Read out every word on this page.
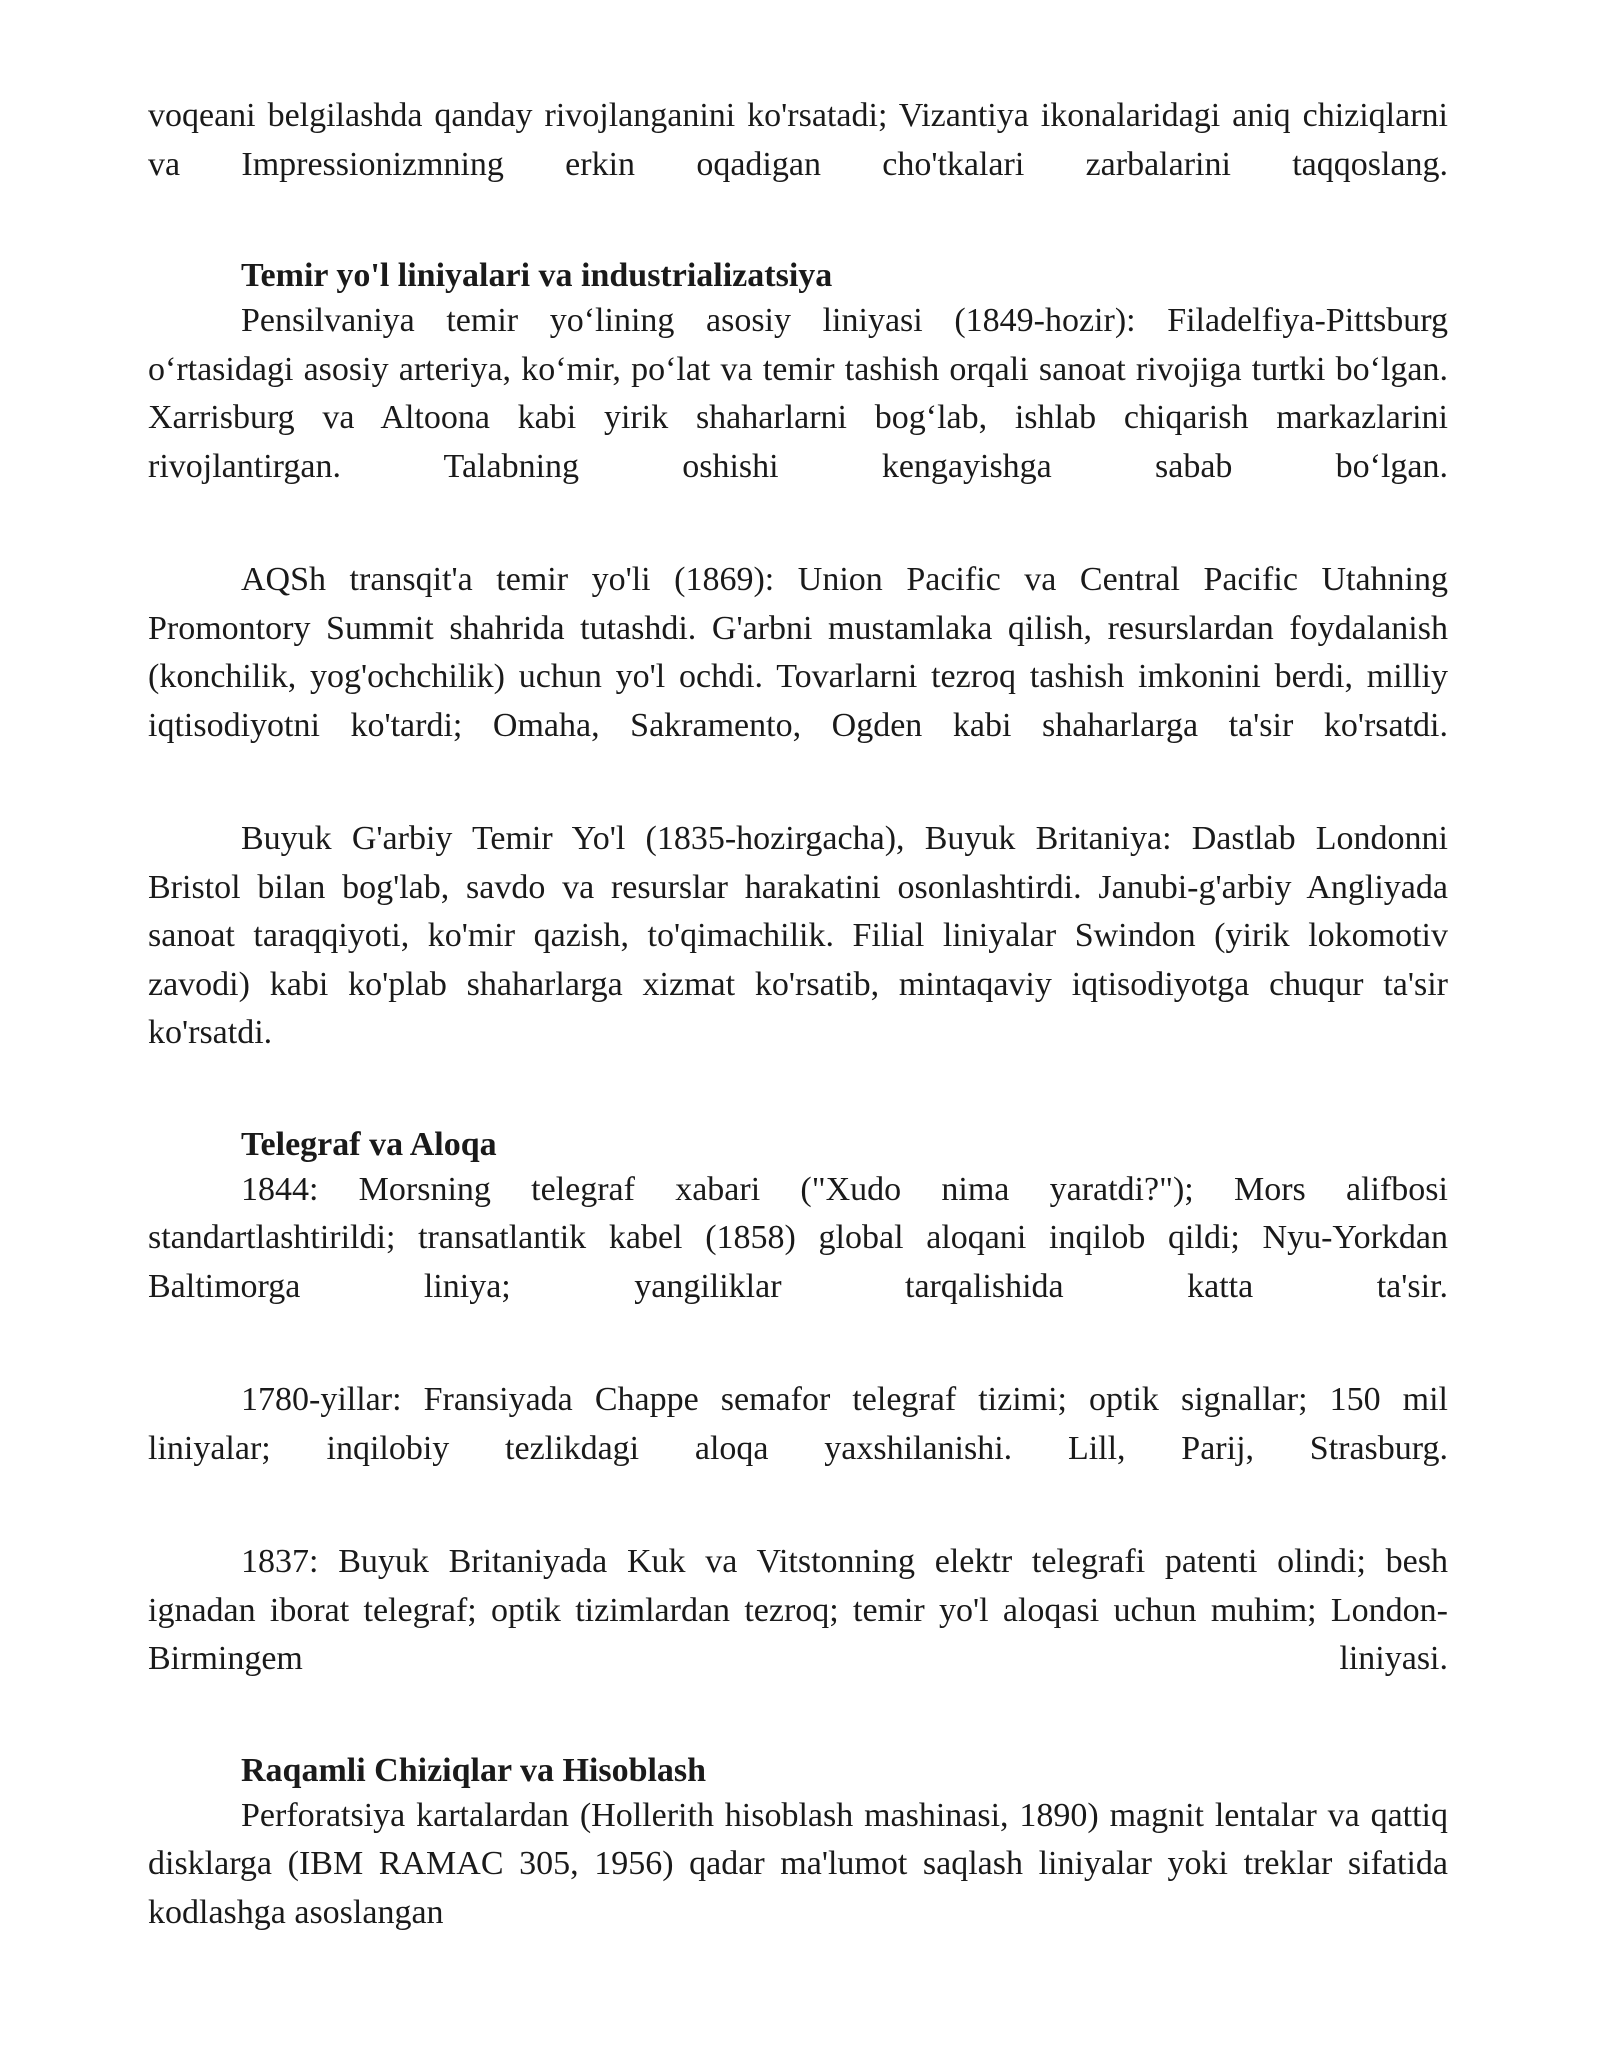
voqeani belgilashda qanday rivojlanganini ko'rsatadi; Vizantiya ikonalaridagi aniq chiziqlarni va Impressionizmning erkin oqadigan cho'tkalari zarbalarini taqqoslang.

Temir yo'l liniyalari va industrializatsiya

Pensilvaniya temir yo‘lining asosiy liniyasi (1849-hozir): Filadelfiya-Pittsburg o‘rtasidagi asosiy arteriya, ko‘mir, po‘lat va temir tashish orqali sanoat rivojiga turtki bo‘lgan. Xarrisburg va Altoona kabi yirik shaharlarni bog‘lab, ishlab chiqarish markazlarini rivojlantirgan. Talabning oshishi kengayishga sabab bo‘lgan.

AQSh transqit'a temir yo'li (1869): Union Pacific va Central Pacific Utahning Promontory Summit shahrida tutashdi. G'arbni mustamlaka qilish, resurslardan foydalanish (konchilik, yog'ochchilik) uchun yo'l ochdi. Tovarlarni tezroq tashish imkonini berdi, milliy iqtisodiyotni ko'tardi; Omaha, Sakramento, Ogden kabi shaharlarga ta'sir ko'rsatdi.

Buyuk G'arbiy Temir Yo'l (1835-hozirgacha), Buyuk Britaniya: Dastlab Londonni Bristol bilan bog'lab, savdo va resurslar harakatini osonlashtirdi. Janubi-g'arbiy Angliyada sanoat taraqqiyoti, ko'mir qazish, to'qimachilik. Filial liniyalar Swindon (yirik lokomotiv zavodi) kabi ko'plab shaharlarga xizmat ko'rsatib, mintaqaviy iqtisodiyotga chuqur ta'sir ko'rsatdi.

Telegraf va Aloqa

1844: Morsning telegraf xabari ("Xudo nima yaratdi?"); Mors alifbosi standartlashtirildi; transatlantik kabel (1858) global aloqani inqilob qildi; Nyu-Yorkdan Baltimorga liniya; yangiliklar tarqalishida katta ta'sir.

1780-yillar: Fransiyada Chappe semafor telegraf tizimi; optik signallar; 150 mil liniyalar; inqilobiy tezlikdagi aloqa yaxshilanishi. Lill, Parij, Strasburg.

1837: Buyuk Britaniyada Kuk va Vitstonning elektr telegrafi patenti olindi; besh ignadan iborat telegraf; optik tizimlardan tezroq; temir yo'l aloqasi uchun muhim; London-Birmingem liniyasi.

Raqamli Chiziqlar va Hisoblash

Perforatsiya kartalardan (Hollerith hisoblash mashinasi, 1890) magnit lentalar va qattiq disklarga (IBM RAMAC 305, 1956) qadar ma'lumot saqlash liniyalar yoki treklar sifatida kodlashga asoslangan
